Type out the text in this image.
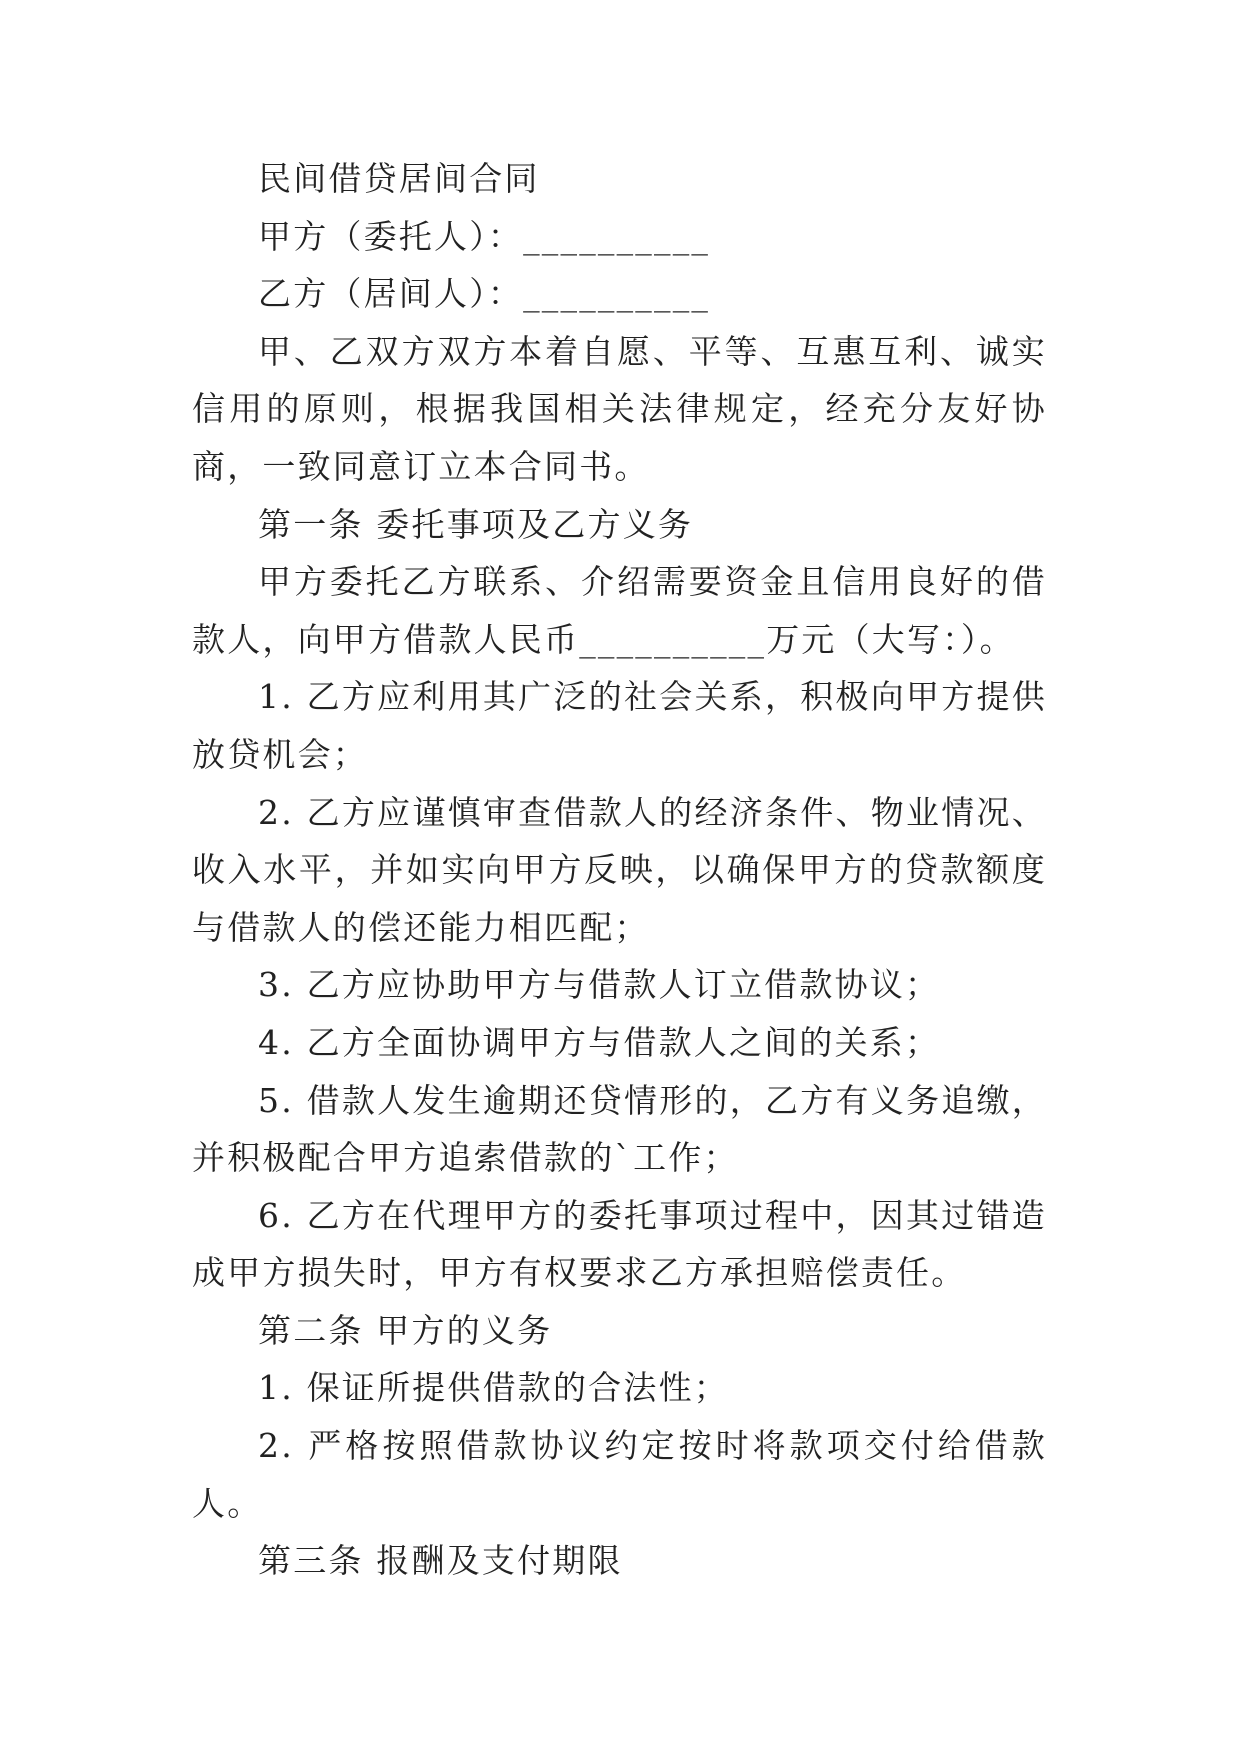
民间借贷居间合同

甲方（委托人）：__________

乙方（居间人）：__________

甲、乙双方双方本着自愿、平等、互惠互利、诚实信用的原则，根据我国相关法律规定，经充分友好协商，一致同意订立本合同书。

第一条 委托事项及乙方义务

甲方委托乙方联系、介绍需要资金且信用良好的借款人，向甲方借款人民币__________万元（大写：）。

1. 乙方应利用其广泛的社会关系，积极向甲方提供放贷机会；

2. 乙方应谨慎审查借款人的经济条件、物业情况、收入水平，并如实向甲方反映，以确保甲方的贷款额度与借款人的偿还能力相匹配；

3. 乙方应协助甲方与借款人订立借款协议；

4. 乙方全面协调甲方与借款人之间的关系；

5. 借款人发生逾期还贷情形的，乙方有义务追缴，并积极配合甲方追索借款的`工作；

6. 乙方在代理甲方的委托事项过程中，因其过错造成甲方损失时，甲方有权要求乙方承担赔偿责任。

第二条 甲方的义务

1. 保证所提供借款的合法性；

2. 严格按照借款协议约定按时将款项交付给借款人。

第三条 报酬及支付期限
